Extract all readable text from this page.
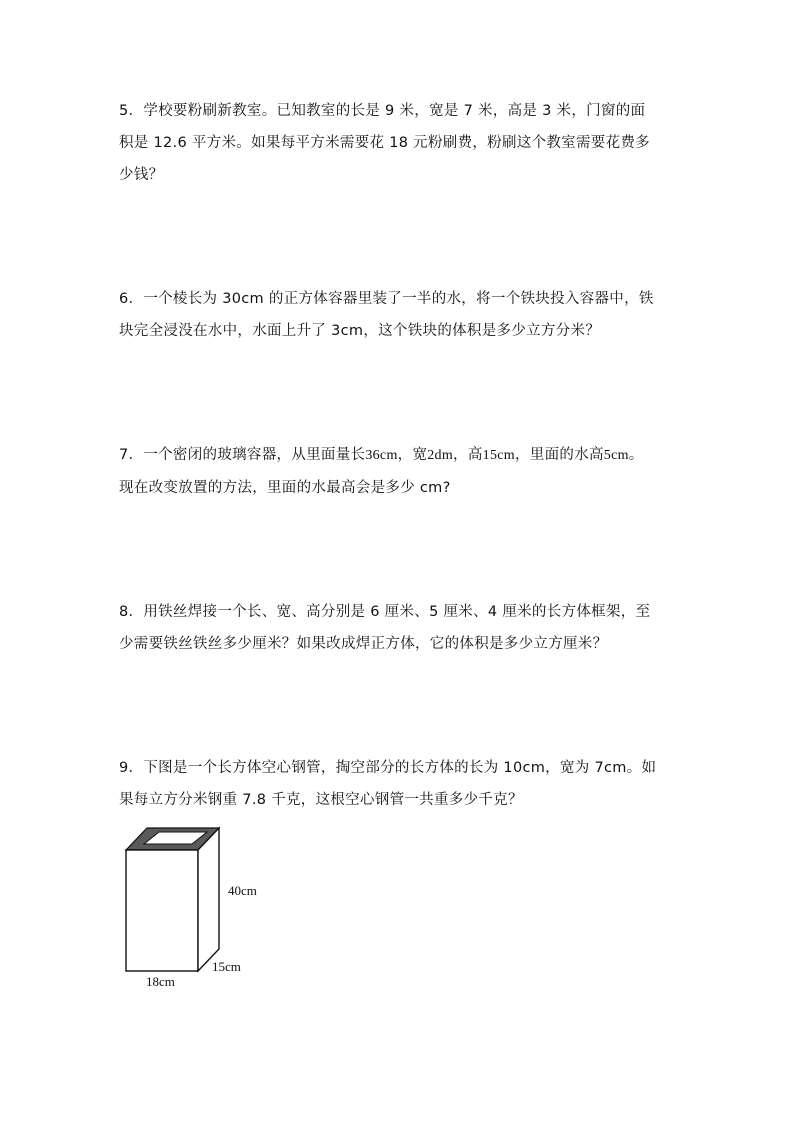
5．学校要粉刷新教室。已知教室的长是 9 米，宽是 7 米，高是 3 米，门窗的面
积是 12.6 平方米。如果每平方米需要花 18 元粉刷费，粉刷这个教室需要花费多
少钱？
6．一个棱长为 30cm 的正方体容器里装了一半的水，将一个铁块投入容器中，铁
块完全浸没在水中，水面上升了 3cm，这个铁块的体积是多少立方分米？
7．一个密闭的玻璃容器，从里面量长36cm，宽2dm，高15cm，里面的水高5cm。
现在改变放置的方法，里面的水最高会是多少 cm?
8．用铁丝焊接一个长、宽、高分别是 6 厘米、5 厘米、4 厘米的长方体框架，至
少需要铁丝铁丝多少厘米？如果改成焊正方体，它的体积是多少立方厘米？
9．下图是一个长方体空心钢管，掏空部分的长方体的长为 10cm，宽为 7cm。如
果每立方分米钢重 7.8 千克，这根空心钢管一共重多少千克？
40cm
15cm
18cm
